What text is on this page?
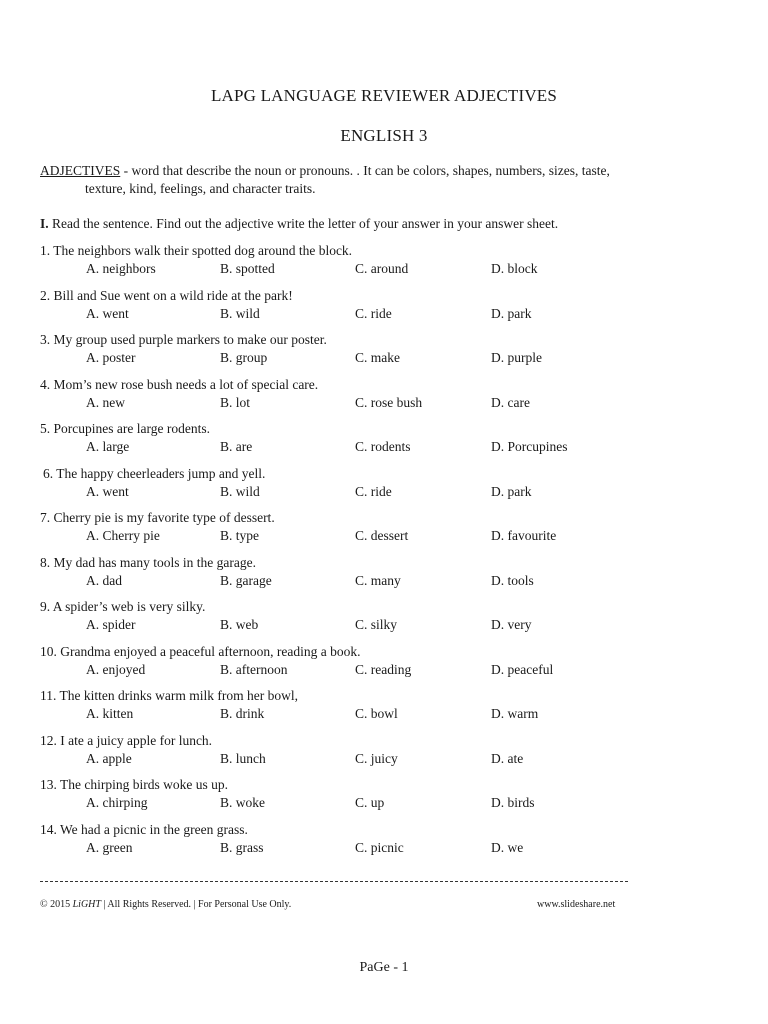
LAPG LANGUAGE REVIEWER ADJECTIVES
ENGLISH 3
ADJECTIVES - word that describe the noun or pronouns. . It can be colors, shapes, numbers, sizes, taste,
texture, kind, feelings, and character traits.
I. Read the sentence. Find out the adjective write the letter of your answer in your answer sheet.
1. The neighbors walk their spotted dog around the block.
A. neighbors	B. spotted	C. around	D. block
2. Bill and Sue went on a wild ride at the park!
A. went	B. wild	C. ride	D. park
3. My group used purple markers to make our poster.
A. poster	B. group	C. make	D. purple
4. Mom’s new rose bush needs a lot of special care.
A. new	B. lot	C. rose bush	D. care
5. Porcupines are large rodents.
A. large	B. are	C. rodents	D. Porcupines
6. The happy cheerleaders jump and yell.
A. went	B. wild	C. ride	D. park
7. Cherry pie is my favorite type of dessert.
A. Cherry pie	B. type	C. dessert	D. favourite
8. My dad has many tools in the garage.
A. dad	B. garage	C. many	D. tools
9. A spider’s web is very silky.
A. spider	B. web	C. silky	D. very
10. Grandma enjoyed a peaceful afternoon, reading a book.
A. enjoyed	B. afternoon	C. reading	D. peaceful
11. The kitten drinks warm milk from her bowl,
A. kitten	B. drink	C. bowl	D. warm
12. I ate a juicy apple for lunch.
A. apple	B. lunch	C. juicy	D. ate
13. The chirping birds woke us up.
A. chirping	B. woke	C. up	D. birds
14. We had a picnic in the green grass.
A. green	B. grass	C. picnic	D. we
© 2015 LiGHT | All Rights Reserved. | For Personal Use Only.	www.slideshare.net
PaGe - 1
